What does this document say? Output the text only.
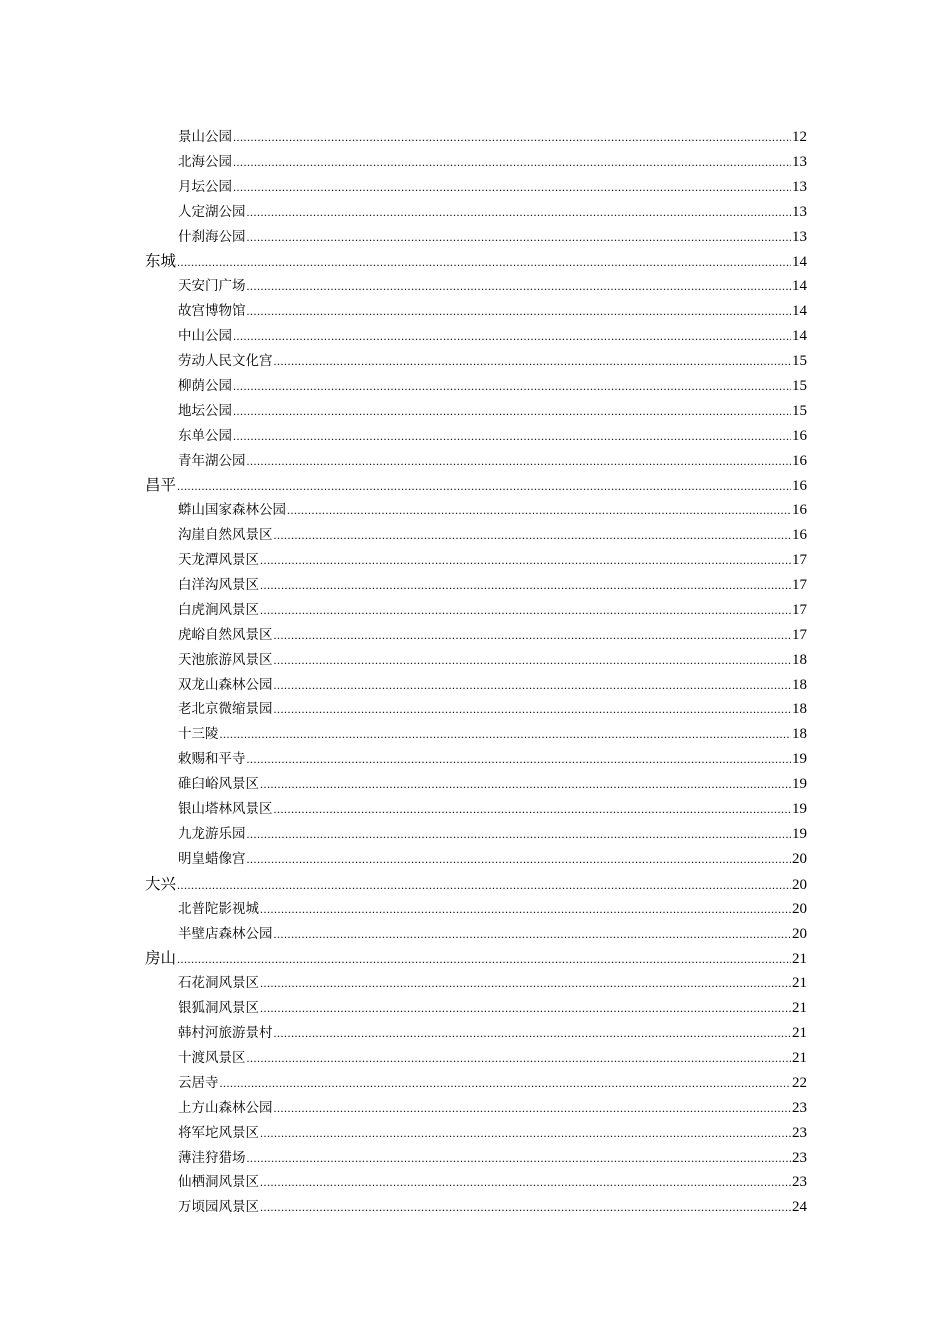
景山公园 .....	12
北海公园 .....	13
月坛公园 .....	13
人定湖公园 .....	13
什刹海公园 .....	13
东城 .....	14
天安门广场 .....	14
故宫博物馆 .....	14
中山公园 .....	14
劳动人民文化宫 .....	15
柳荫公园 .....	15
地坛公园 .....	15
东单公园 .....	16
青年湖公园 .....	16
昌平 .....	16
蟒山国家森林公园 .....	16
沟崖自然风景区 .....	16
天龙潭风景区 .....	17
白洋沟风景区 .....	17
白虎涧风景区 .....	17
虎峪自然风景区 .....	17
天池旅游风景区 .....	18
双龙山森林公园 .....	18
老北京微缩景园 .....	18
十三陵 .....	18
敕赐和平寺 .....	19
碓臼峪风景区 .....	19
银山塔林风景区 .....	19
九龙游乐园 .....	19
明皇蜡像宫 .....	20
大兴 .....	20
北普陀影视城 .....	20
半壁店森林公园 .....	20
房山 .....	21
石花洞风景区 .....	21
银狐洞风景区 .....	21
韩村河旅游景村 .....	21
十渡风景区 .....	21
云居寺 .....	22
上方山森林公园 .....	23
将军坨风景区 .....	23
薄洼狩猎场 .....	23
仙栖洞风景区 .....	23
万顷园风景区 .....	24
